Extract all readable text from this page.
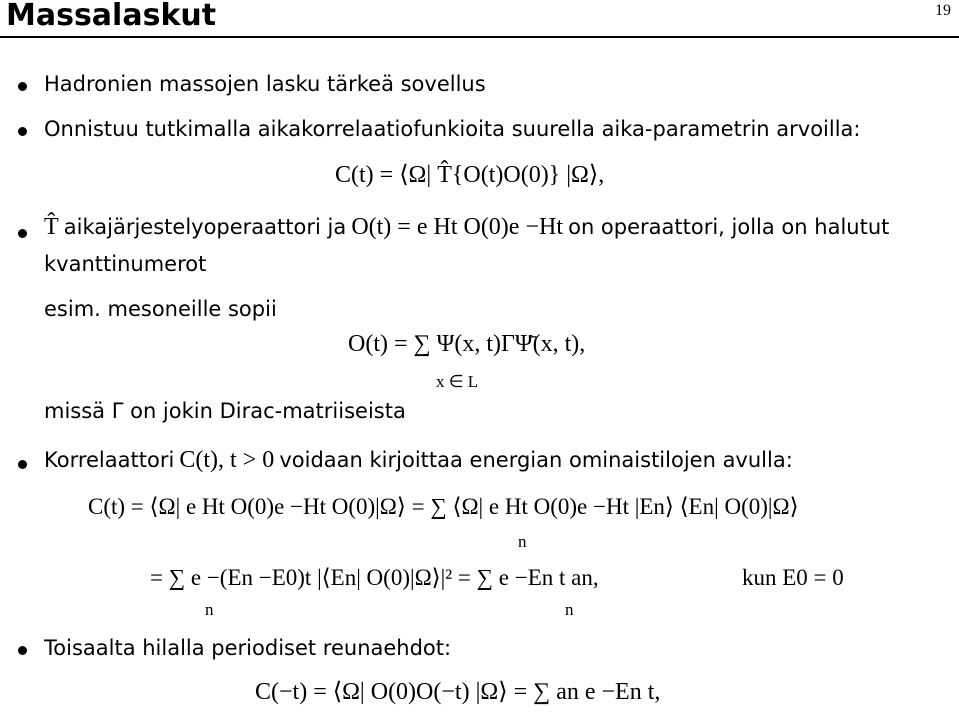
Massalaskut	19
Hadronien massojen lasku tärkeä sovellus
Onnistuu tutkimalla aikakorrelaatiofunkioita suurella aika-parametrin arvoilla:
C(t) = ⟨Ω| T̂{O(t)O(0)} |Ω⟩,
T̂ aikajärjestelyoperaattori ja O(t) = e Ht O(0)e −Ht on operaattori, jolla on halutut
kvanttinumerot
esim. mesoneille sopii
O(t) = ∑ Ψ(x, t)ΓΨ̄(x, t),
x ∈ L
missä Γ on jokin Dirac-matriiseista
Korrelaattori C(t), t > 0 voidaan kirjoittaa energian ominaistilojen avulla:
C(t) = ⟨Ω| e Ht O(0)e −Ht O(0)|Ω⟩ = ∑ ⟨Ω| e Ht O(0)e −Ht |En⟩ ⟨En| O(0)|Ω⟩
n
= ∑ e −(En −E0)t |⟨En| O(0)|Ω⟩|² = ∑ e −En t an,
n	n
kun E0 = 0
Toisaalta hilalla periodiset reunaehdot:
C(−t) = ⟨Ω| O(0)O(−t) |Ω⟩ = ∑ an e −En t,
